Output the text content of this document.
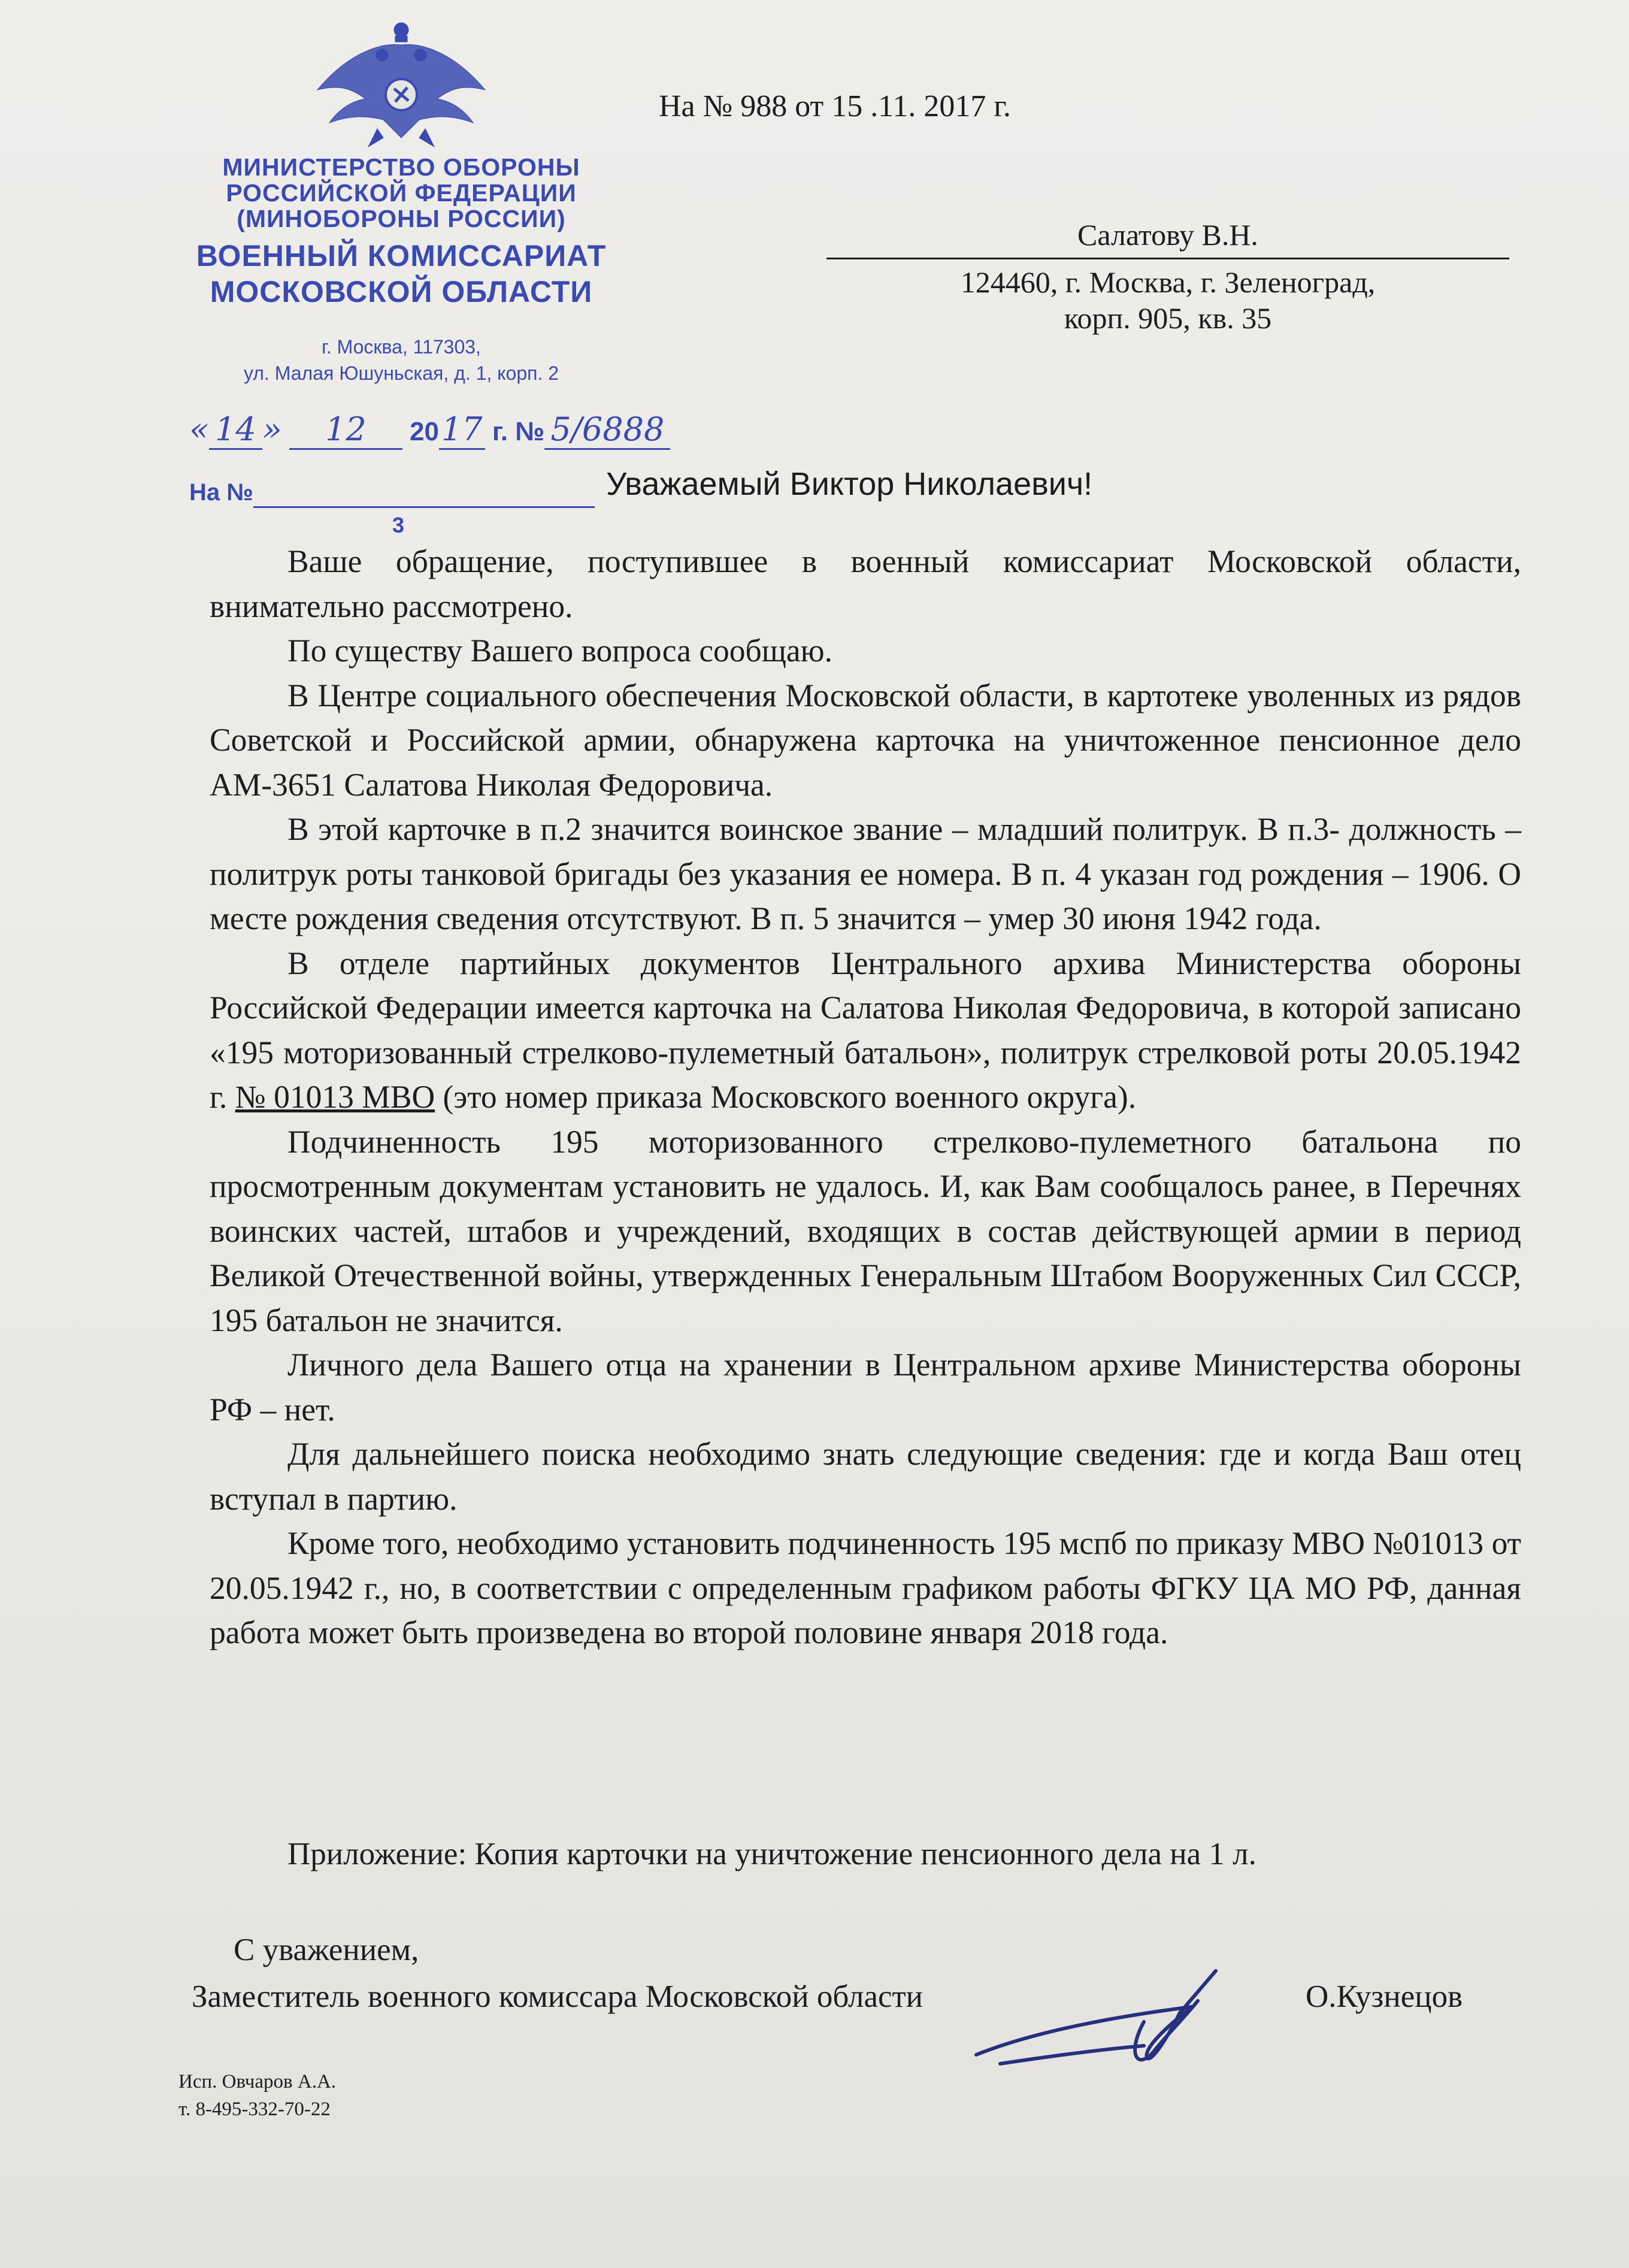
МИНИСТЕРСТВО ОБОРОНЫ
РОССИЙСКОЙ ФЕДЕРАЦИИ
(МИНОБОРОНЫ РОССИИ)
ВОЕННЫЙ КОМИССАРИАТ
МОСКОВСКОЙ ОБЛАСТИ
г. Москва, 117303,
ул. Малая Юшуньская, д. 1, корп. 2
На № 988 от 15 .11. 2017 г.
Салатову В.Н.
124460, г. Москва, г. Зеленоград,
корп. 905, кв. 35
« 14 » 12 2017 г. № 5/6888
На №
3
Уважаемый Виктор Николаевич!

Ваше обращение, поступившее в военный комиссариат Московской области, внимательно рассмотрено.

По существу Вашего вопроса сообщаю.

В Центре социального обеспечения Московской области, в картотеке уволенных из рядов Советской и Российской армии, обнаружена карточка на уничтоженное пенсионное дело АМ-3651 Салатова Николая Федоровича.

В этой карточке в п.2 значится воинское звание – младший политрук. В п.3- должность – политрук роты танковой бригады без указания ее номера. В п. 4 указан год рождения – 1906. О месте рождения сведения отсутствуют. В п. 5 значится – умер 30 июня 1942 года.

В отделе партийных документов Центрального архива Министерства обороны Российской Федерации имеется карточка на Салатова Николая Федоровича, в которой записано «195 моторизованный стрелково-пулеметный батальон», политрук стрелковой роты 20.05.1942 г. № 01013 МВО (это номер приказа Московского военного округа).

Подчиненность 195 моторизованного стрелково-пулеметного батальона по просмотренным документам установить не удалось. И, как Вам сообщалось ранее, в Перечнях воинских частей, штабов и учреждений, входящих в состав действующей армии в период Великой Отечественной войны, утвержденных Генеральным Штабом Вооруженных Сил СССР, 195 батальон не значится.

Личного дела Вашего отца на хранении в Центральном архиве Министерства обороны РФ – нет.

Для дальнейшего поиска необходимо знать следующие сведения: где и когда Ваш отец вступал в партию.

Кроме того, необходимо установить подчиненность 195 мспб по приказу МВО №01013 от 20.05.1942 г., но, в соответствии с определенным графиком работы ФГКУ ЦА МО РФ, данная работа может быть произведена во второй половине января 2018 года.

Приложение: Копия карточки на уничтожение пенсионного дела на 1 л.
С уважением,
Заместитель военного комиссара Московской области	О.Кузнецов
Исп. Овчаров А.А.
т. 8-495-332-70-22
